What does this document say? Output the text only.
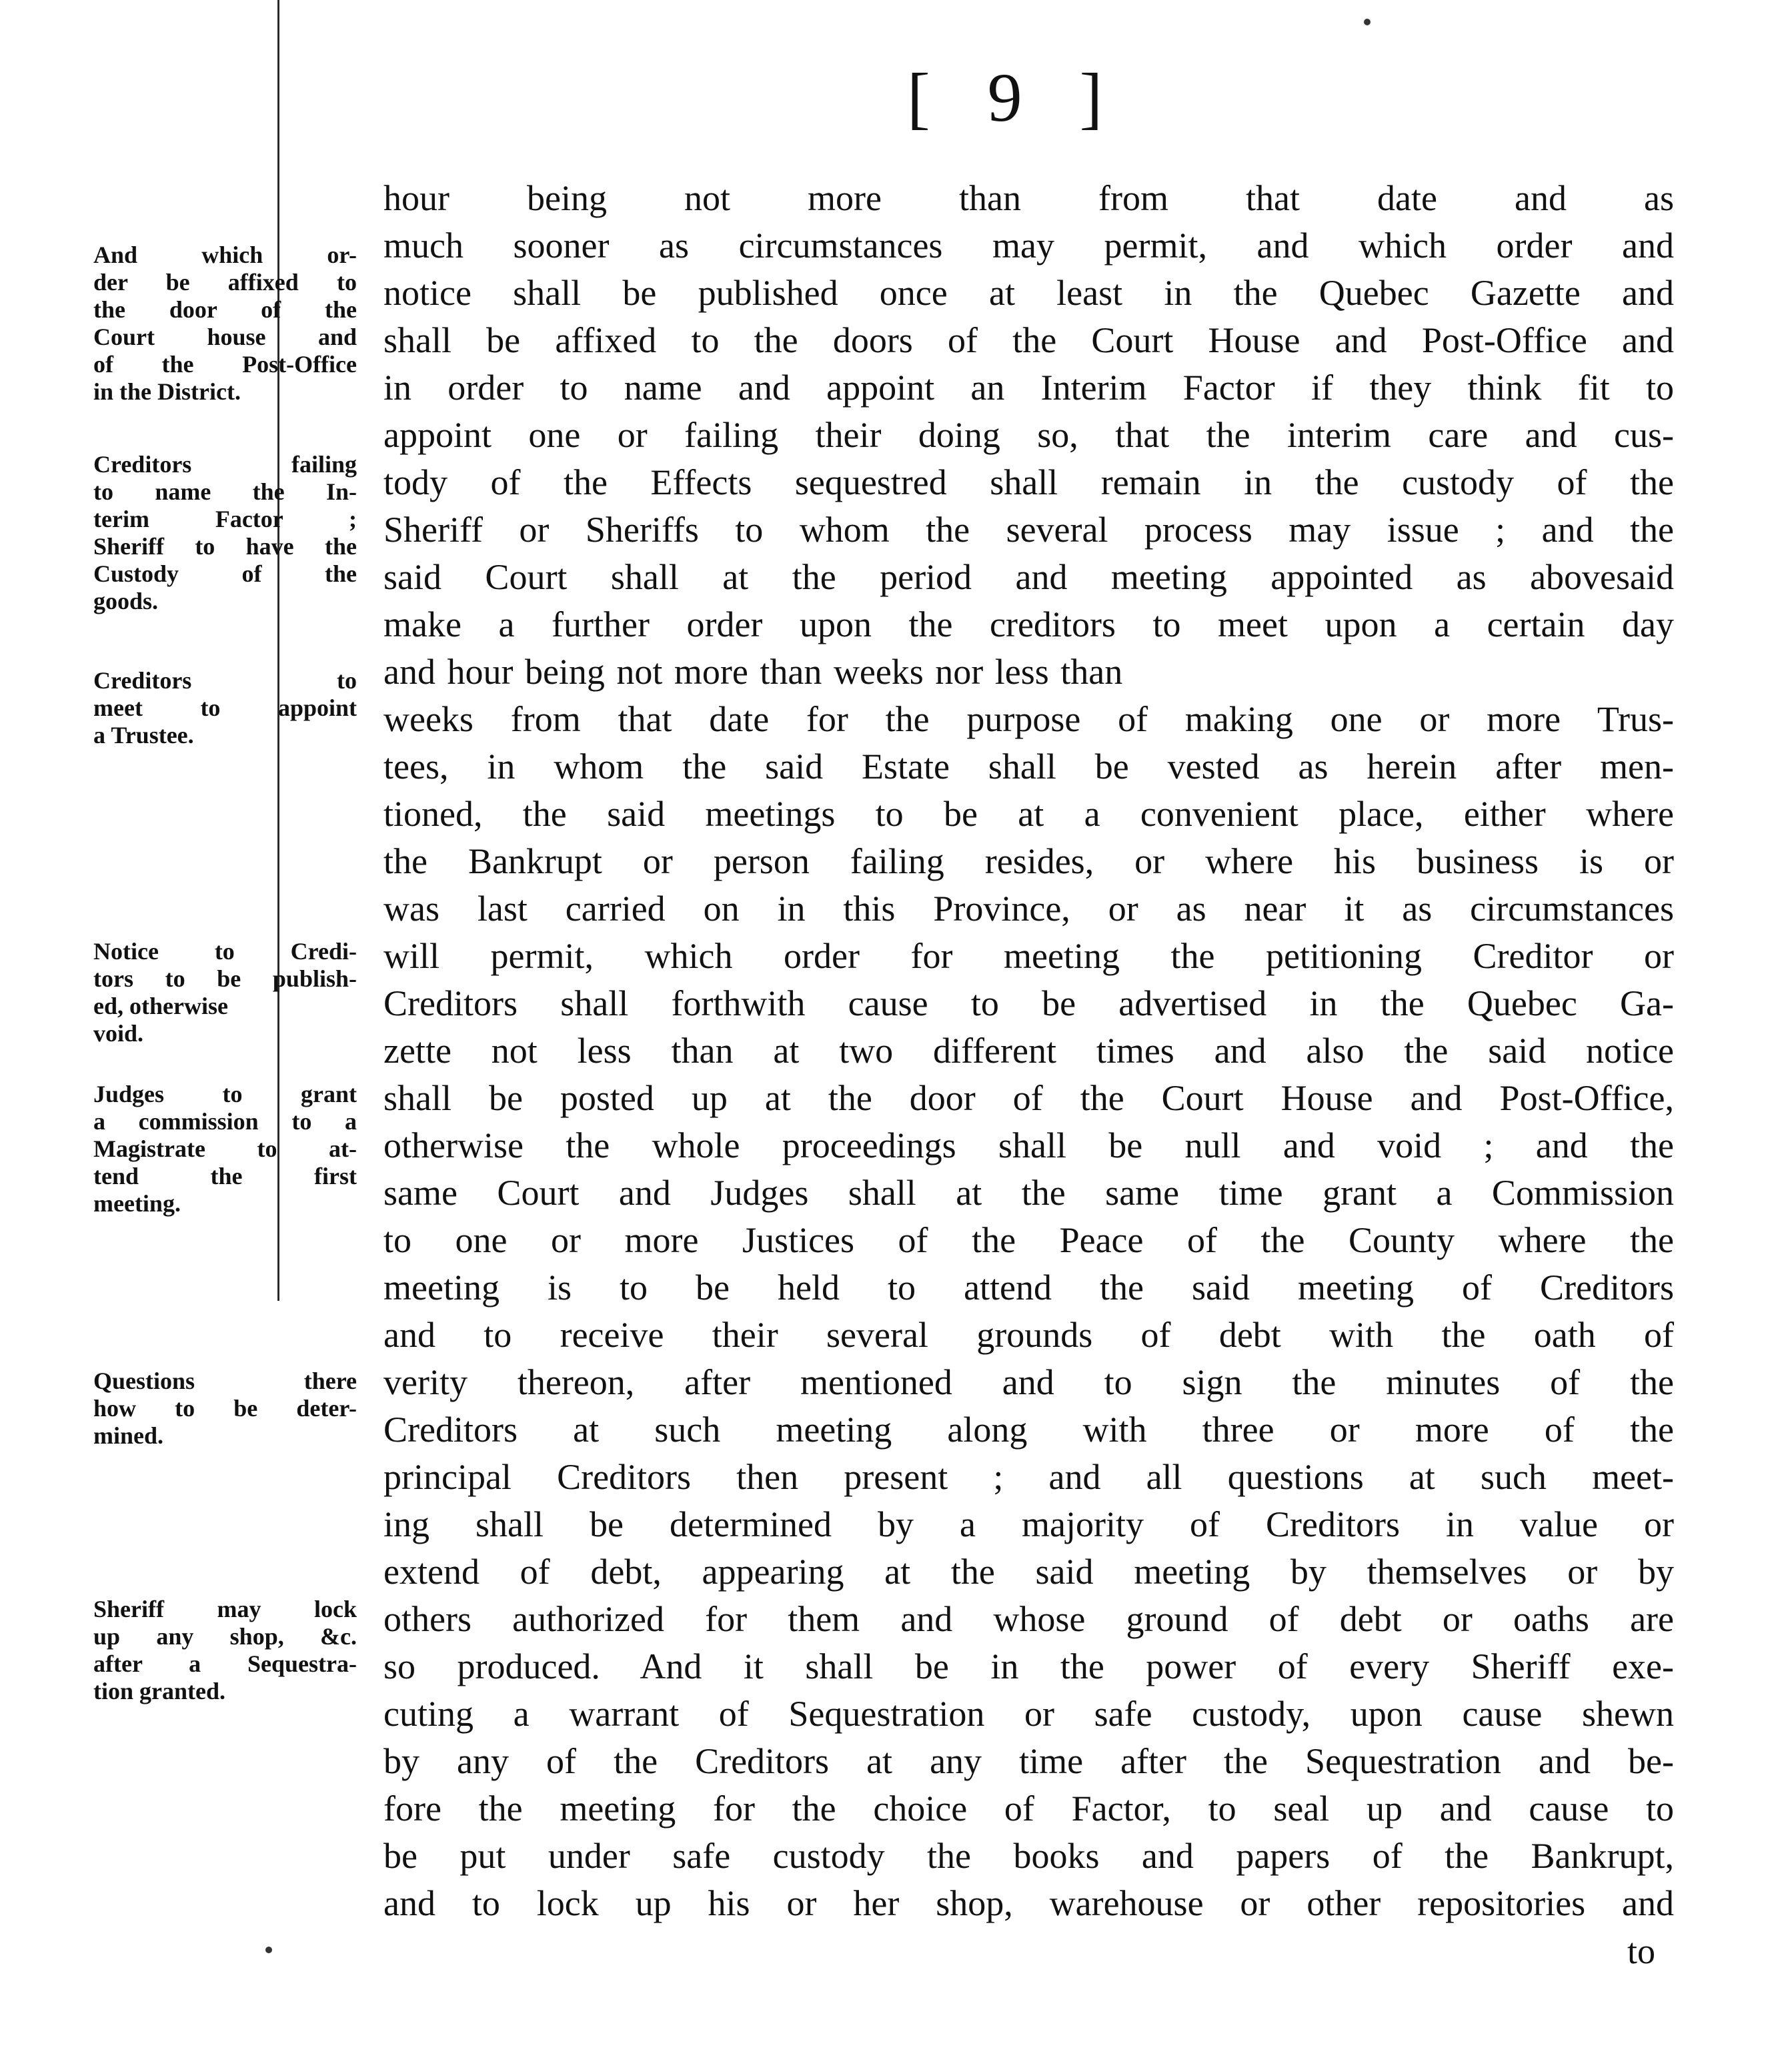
[ 9 ]
And which or-
der be affixed to
the door of the
Court house and
of the Post-Office
in the District.
Creditors failing
to name the In-
terim Factor ;
Sheriff to have the
Custody of the
goods.
Creditors to
meet to appoint
a Trustee.
Notice to Credi-
tors to be publish-
ed, otherwise
void.
Judges to grant
a commission to a
Magistrate to at-
tend the first
meeting.
Questions there
how to be deter-
mined.
Sheriff may lock
up any shop, &c.
after a Sequestra-
tion granted.
hour being not more than from that date and as
much sooner as circumstances may permit, and which order and
notice shall be published once at least in the Quebec Gazette and
shall be affixed to the doors of the Court House and Post-Office and
in order to name and appoint an Interim Factor if they think fit to
appoint one or failing their doing so, that the interim care and cus-
tody of the Effects sequestred shall remain in the custody of the
Sheriff or Sheriffs to whom the several process may issue ; and the
said Court shall at the period and meeting appointed as abovesaid
make a further order upon the creditors to meet upon a certain day
and hour being not more than weeks nor less than
weeks from that date for the purpose of making one or more Trus-
tees, in whom the said Estate shall be vested as herein after men-
tioned, the said meetings to be at a convenient place, either where
the Bankrupt or person failing resides, or where his business is or
was last carried on in this Province, or as near it as circumstances
will permit, which order for meeting the petitioning Creditor or
Creditors shall forthwith cause to be advertised in the Quebec Ga-
zette not less than at two different times and also the said notice
shall be posted up at the door of the Court House and Post-Office,
otherwise the whole proceedings shall be null and void ; and the
same Court and Judges shall at the same time grant a Commission
to one or more Justices of the Peace of the County where the
meeting is to be held to attend the said meeting of Creditors
and to receive their several grounds of debt with the oath of
verity thereon, after mentioned and to sign the minutes of the
Creditors at such meeting along with three or more of the
principal Creditors then present ; and all questions at such meet-
ing shall be determined by a majority of Creditors in value or
extend of debt, appearing at the said meeting by themselves or by
others authorized for them and whose ground of debt or oaths are
so produced. And it shall be in the power of every Sheriff exe-
cuting a warrant of Sequestration or safe custody, upon cause shewn
by any of the Creditors at any time after the Sequestration and be-
fore the meeting for the choice of Factor, to seal up and cause to
be put under safe custody the books and papers of the Bankrupt,
and to lock up his or her shop, warehouse or other repositories and
to
